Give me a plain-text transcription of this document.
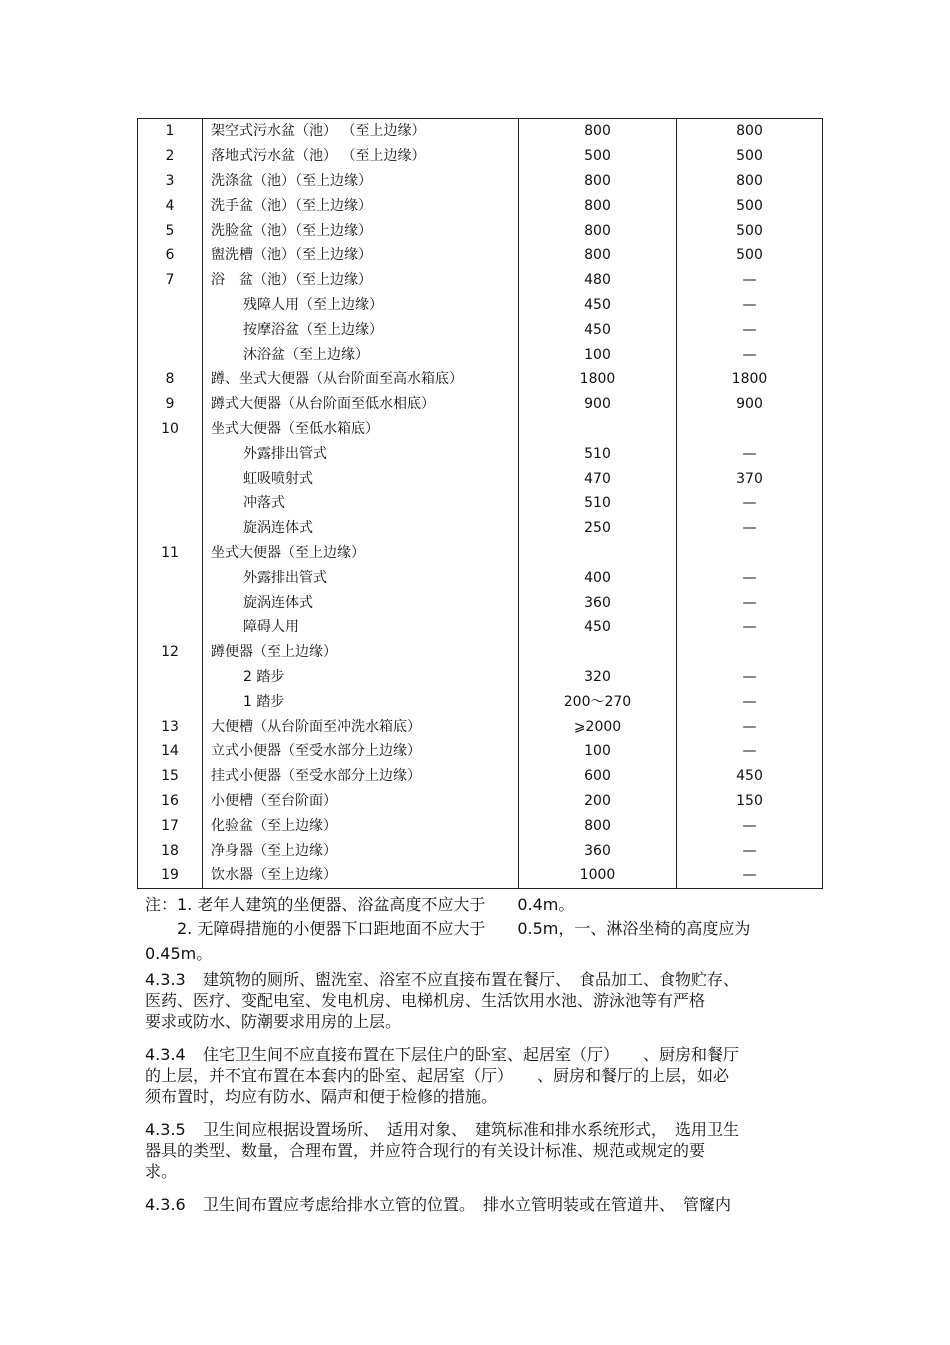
1	架空式污水盆（池） （至上边缘）	800	800
2	落地式污水盆（池） （至上边缘）	500	500
3	洗涤盆（池）（至上边缘）	800	800
4	洗手盆（池）（至上边缘）	800	500
5	洗脸盆（池）（至上边缘）	800	500
6	盥洗槽（池）（至上边缘）	800	500
7	浴　盆（池）（至上边缘）	480	—
	残障人用（至上边缘）	450	—
	按摩浴盆（至上边缘）	450	—
	沐浴盆（至上边缘）	100	—
8	蹲、坐式大便器（从台阶面至高水箱底）	1800	1800
9	蹲式大便器（从台阶面至低水相底）	900	900
10	坐式大便器（至低水箱底）		
	外露排出管式	510	—
	虹吸喷射式	470	370
	冲落式	510	—
	旋涡连体式	250	—
11	坐式大便器（至上边缘）		
	外露排出管式	400	—
	旋涡连体式	360	—
	障碍人用	450	—
12	蹲便器（至上边缘）		
	2 踏步	320	—
	1 踏步	200～270	—
13	大便槽（从台阶面至冲洗水箱底）	⩾2000	—
14	立式小便器（至受水部分上边缘）	100	—
15	挂式小便器（至受水部分上边缘）	600	450
16	小便槽（至台阶面）	200	150
17	化验盆（至上边缘）	800	—
18	净身器（至上边缘）	360	—
19	饮水器（至上边缘）	1000	—
注：1. 老年人建筑的坐便器、浴盆高度不应大于　　0.4m。
2. 无障碍措施的小便器下口距地面不应大于　　0.5m，一、淋浴坐椅的高度应为
0.45m。
4.3.3 建筑物的厕所、盥洗室、浴室不应直接布置在餐厅、　食品加工、食物贮存、
医药、医疗、变配电室、发电机房、电梯机房、生活饮用水池、游泳池等有严格
要求或防水、防潮要求用房的上层。
4.3.4 住宅卫生间不应直接布置在下层住户的卧室、起居室（厅）　　、厨房和餐厅
的上层，并不宜布置在本套内的卧室、起居室（厅）　　、厨房和餐厅的上层，如必
须布置时，均应有防水、隔声和便于检修的措施。
4.3.5 卫生间应根据设置场所、　适用对象、　建筑标准和排水系统形式，　选用卫生
器具的类型、数量，合理布置，并应符合现行的有关设计标准、规范或规定的要
求。
4.3.6 卫生间布置应考虑给排水立管的位置。　排水立管明装或在管道井、　管窿内
